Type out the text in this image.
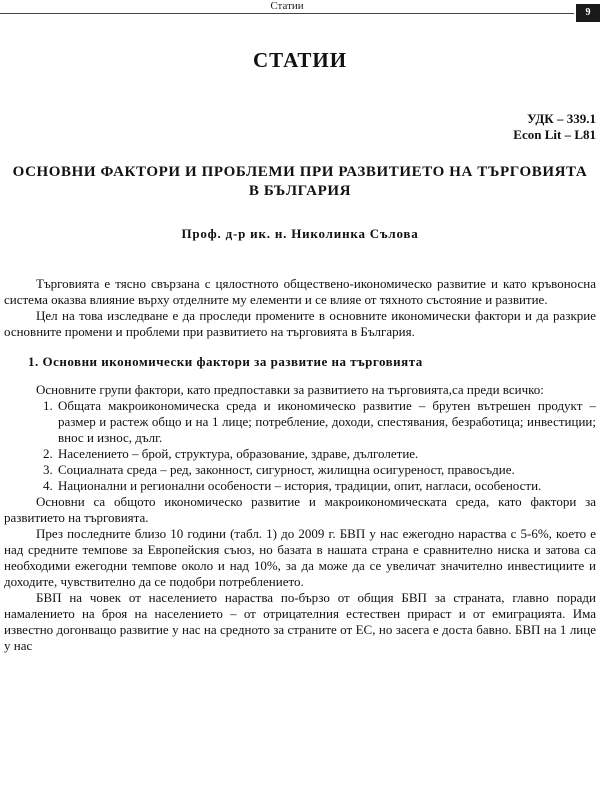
Статии
9
СТАТИИ
УДК – 339.1
Econ Lit – L81
ОСНОВНИ ФАКТОРИ И ПРОБЛЕМИ ПРИ РАЗВИТИЕТО НА ТЪРГОВИЯТА В БЪЛГАРИЯ
Проф. д-р ик. н. Николинка Сълова

Търговията е тясно свързана с цялостното обществено-икономическо развитие и като кръвоносна система оказва влияние върху отделните му елементи и се влияе от тяхното състояние и развитие.

Цел на това изследване е да проследи промените в основните икономически фактори и да разкрие основните промени и проблеми при развитието на търговията в България.

1. Основни икономически фактори за развитие на търговията

Основните групи фактори, като предпоставки за развитието на търговията,са преди всичко:

1. Общата макроикономическа среда и икономическо развитие – брутен вътрешен продукт – размер и растеж общо и на 1 лице; потребление, доходи, спестявания, безработица; инвестиции; внос и износ, дълг.
2. Населението – брой, структура, образование, здраве, дълголетие.
3. Социалната среда – ред, законност, сигурност, жилищна осигуреност, правосъдие.
4. Национални и регионални особености – история, традиции, опит, нагласи, особености.

Основни са общото икономическо развитие и макроикономическата среда, като фактори за развитието на търговията.

През последните близо 10 години (табл. 1) до 2009 г. БВП у нас ежегодно нараства с 5-6%, което е над средните темпове за Европейския съюз, но базата в нашата страна е сравнително ниска и затова са необходими ежегодни темпове около и над 10%, за да може да се увеличат значително инвестициите и доходите, чувствително да се подобри потреблението.

БВП на човек от населението нараства по-бързо от общия БВП за страната, главно поради намалението на броя на населението – от отрицателния естествен прираст и от емиграцията. Има известно догонващо развитие у нас на средното за страните от ЕС, но засега е доста бавно. БВП на 1 лице у нас
